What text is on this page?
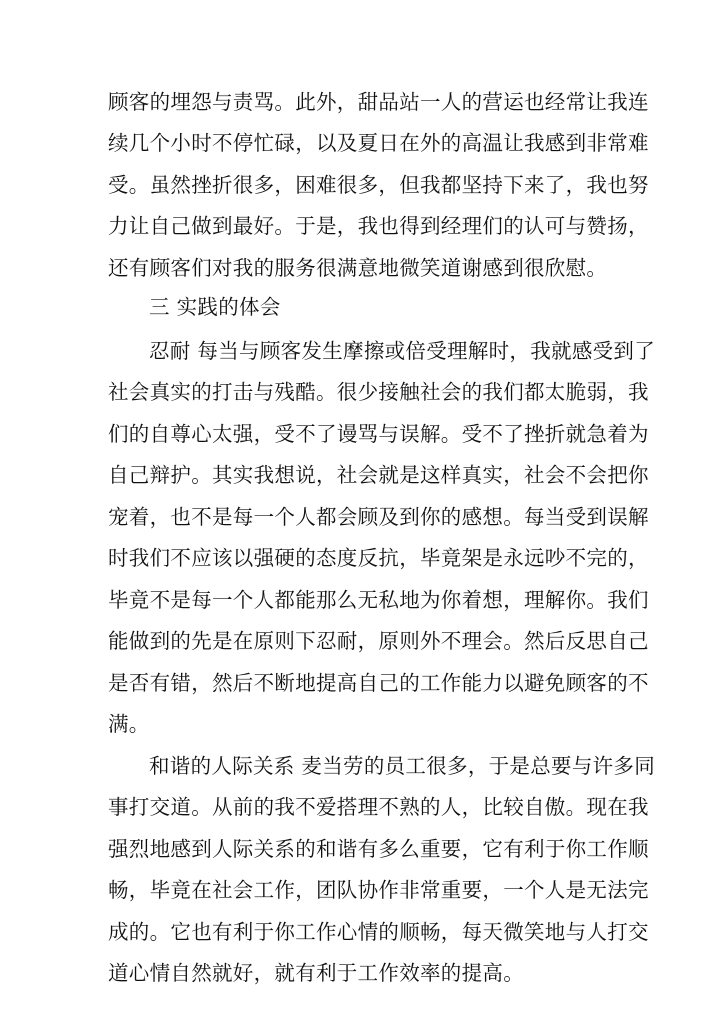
顾客的埋怨与责骂。此外，甜品站一人的营运也经常让我连
续几个小时不停忙碌，以及夏日在外的高温让我感到非常难
受。虽然挫折很多，困难很多，但我都坚持下来了，我也努
力让自己做到最好。于是，我也得到经理们的认可与赞扬，
还有顾客们对我的服务很满意地微笑道谢感到很欣慰。
三 实践的体会
忍耐 每当与顾客发生摩擦或倍受理解时，我就感受到了
社会真实的打击与残酷。很少接触社会的我们都太脆弱，我
们的自尊心太强，受不了谩骂与误解。受不了挫折就急着为
自己辩护。其实我想说，社会就是这样真实，社会不会把你
宠着，也不是每一个人都会顾及到你的感想。每当受到误解
时我们不应该以强硬的态度反抗，毕竟架是永远吵不完的，
毕竟不是每一个人都能那么无私地为你着想，理解你。我们
能做到的先是在原则下忍耐，原则外不理会。然后反思自己
是否有错，然后不断地提高自己的工作能力以避免顾客的不
满。
和谐的人际关系 麦当劳的员工很多，于是总要与许多同
事打交道。从前的我不爱搭理不熟的人，比较自傲。现在我
强烈地感到人际关系的和谐有多么重要，它有利于你工作顺
畅，毕竟在社会工作，团队协作非常重要，一个人是无法完
成的。它也有利于你工作心情的顺畅，每天微笑地与人打交
道心情自然就好，就有利于工作效率的提高。
